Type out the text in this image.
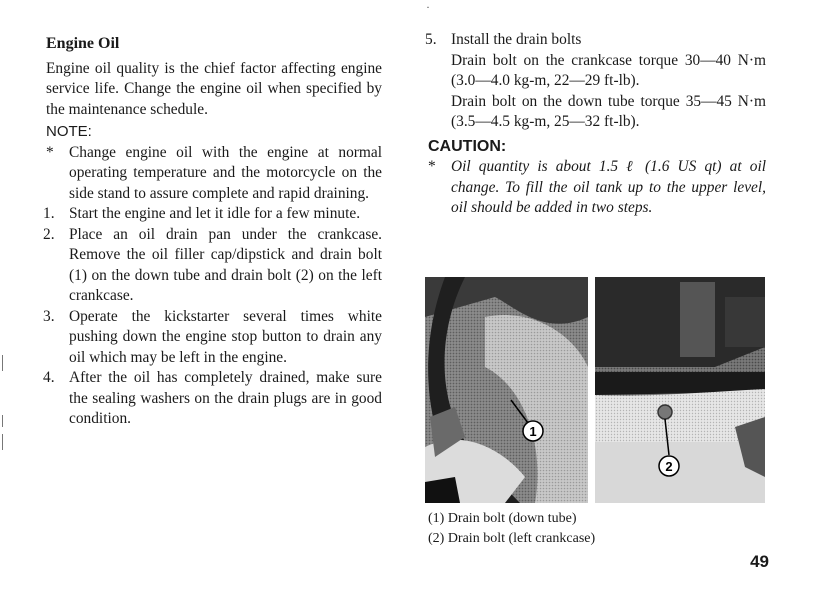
·
Engine Oil

Engine oil quality is the chief factor affecting engine service life. Change the engine oil when specified by the maintenance schedule.

NOTE:
* Change engine oil with the engine at normal operating temperature and the motorcycle on the side stand to assure complete and rapid draining.
1. Start the engine and let it idle for a few minute.
2. Place an oil drain pan under the crankcase. Remove the oil filler cap/dipstick and drain bolt (1) on the down tube and drain bolt (2) on the left crankcase.
3. Operate the kickstarter several times white pushing down the engine stop button to drain any oil which may be left in the engine.
4. After the oil has completely drained, make sure the sealing washers on the drain plugs are in good condition.
5. Install the drain bolts

Drain bolt on the crankcase torque 30—40 N·m (3.0—4.0 kg-m, 22—29 ft-lb).

Drain bolt on the down tube torque 35—45 N·m (3.5—4.5 kg-m, 25—32 ft-lb).

CAUTION:
* Oil quantity is about 1.5 ℓ (1.6 US qt) at oil change. To fill the oil tank up to the upper level, oil should be added in two steps.
1
2
(1) Drain bolt (down tube)
(2) Drain bolt (left crankcase)
49
